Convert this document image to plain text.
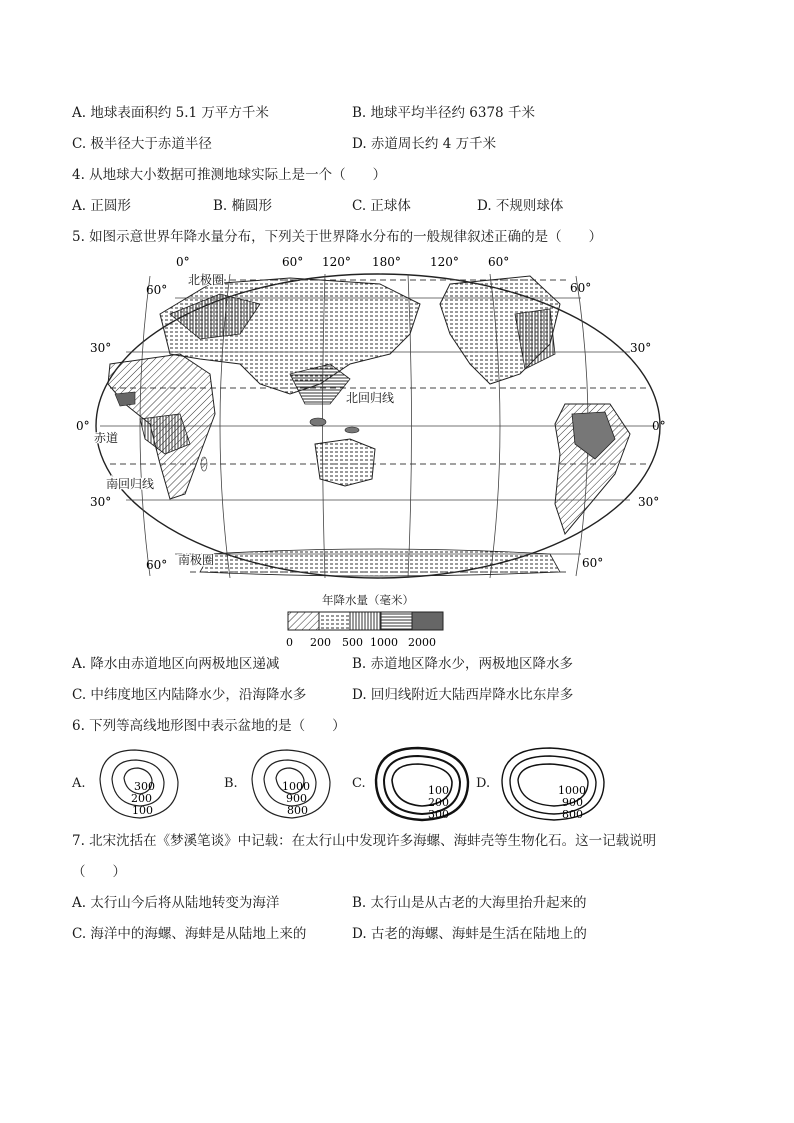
A. 地球表面积约 5.1 万平方千米	B. 地球平均半径约 6378 千米
C. 极半径大于赤道半径	D. 赤道周长约 4 万千米
4. 从地球大小数据可推测地球实际上是一个（　　）
A. 正圆形	B. 椭圆形	C. 正球体	D. 不规则球体
5. 如图示意世界年降水量分布，下列关于世界降水分布的一般规律叙述正确的是（　　）
0°	60° 120° 180° 120° 60°
60°	60°
30°	30°
0°	0°
30°	30°
60°	60°
北极圈
南极圈
北回归线
南回归线
赤道
年降水量（毫米）
0 200 500 1000 2000
A. 降水由赤道地区向两极地区递减	B. 赤道地区降水少，两极地区降水多
C. 中纬度地区内陆降水少，沿海降水多	D. 回归线附近大陆西岸降水比东岸多
6. 下列等高线地形图中表示盆地的是（　　）
A.	300
200
100
B.	1000
900
800
C.	100
200
300
D.	1000
900
800
7. 北宋沈括在《梦溪笔谈》中记载：在太行山中发现许多海螺、海蚌壳等生物化石。这一记载说明
（　　）
A. 太行山今后将从陆地转变为海洋	B. 太行山是从古老的大海里抬升起来的
C. 海洋中的海螺、海蚌是从陆地上来的	D. 古老的海螺、海蚌是生活在陆地上的
